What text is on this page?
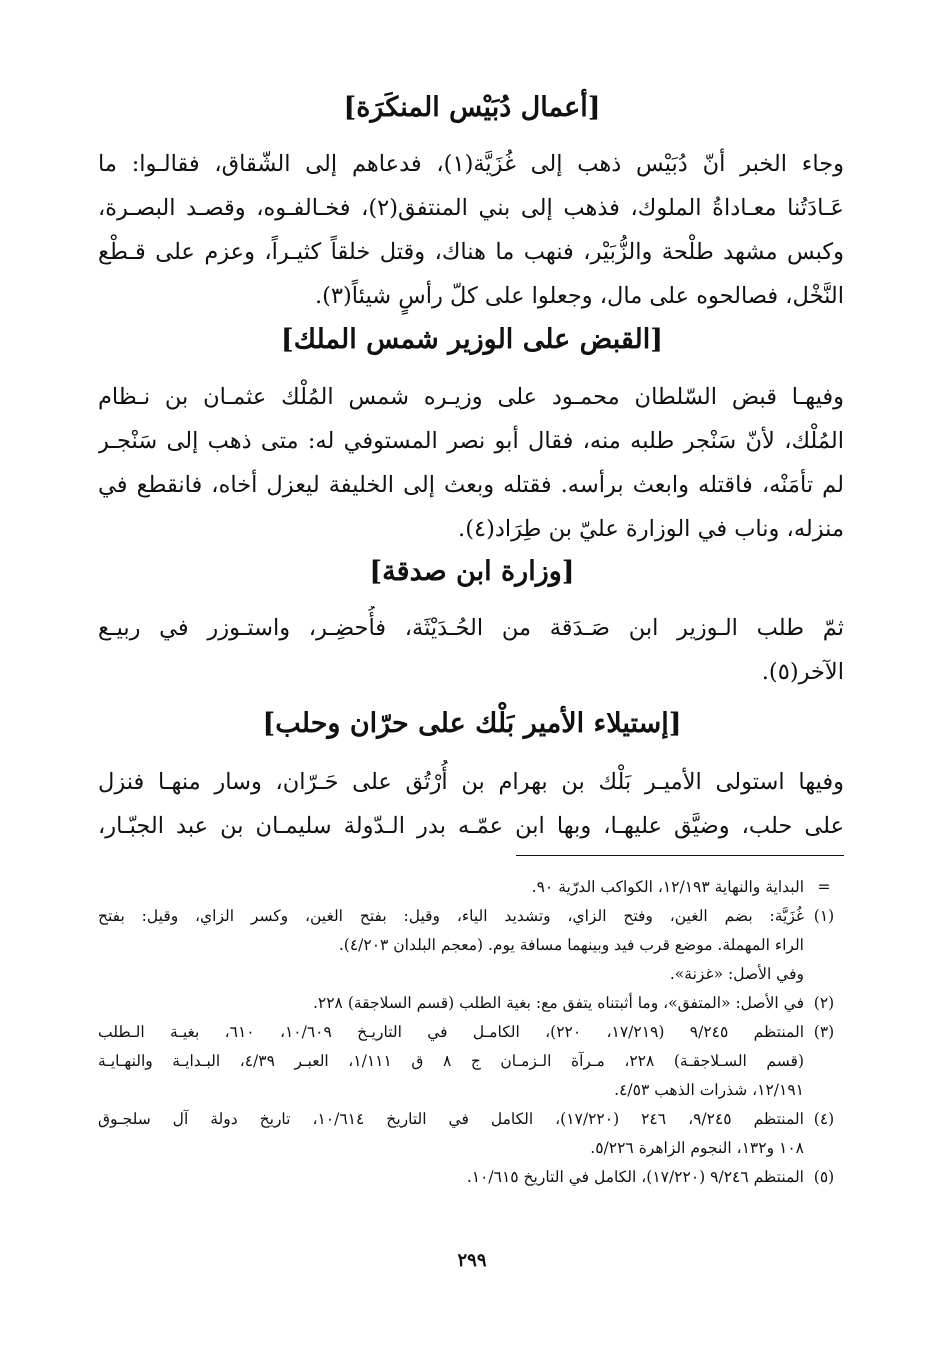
[أعمال دُبَيْس المنكَرَة]
وجاء الخبر أنّ دُبَيْس ذهب إلى غُزَيَّة(١)، فدعاهم إلى الشّقاق، فقالـوا: ما
عَـادَتُنا معـاداةُ الملوك، فذهب إلى بني المنتفق(٢)، فخـالفـوه، وقصـد البصـرة،
وكبس مشهد طلْحة والزُّبَيْر، فنهب ما هناك، وقتل خلقاً كثيـراً، وعزم على قـطْع
النَّخْل، فصالحوه على مال، وجعلوا على كلّ رأسٍ شيئاً(٣).
[القبض على الوزير شمس الملك]
وفيهـا قبض السّلطان محمـود على وزيـره شمس المُلْك عثمـان بن نـظام
المُلْك، لأنّ سَنْجر طلبه منه، فقال أبو نصر المستوفي له: متى ذهب إلى سَنْجـر
لم تأمَنْه، فاقتله وابعث برأسه. فقتله وبعث إلى الخليفة ليعزل أخاه، فانقطع في
منزله، وناب في الوزارة عليّ بن طِرَاد(٤).
[وزارة ابن صدقة]
ثمّ طلب الـوزير ابن صَـدَقة من الحُـدَيْثَة، فأُحضِـر، واستـوزر في ربيـع
الآخر(٥).
[إستيلاء الأمير بَلْك على حرّان وحلب]
وفيها استولى الأميـر بَلْك بن بهرام بن أُرْتُق على حَـرّان، وسار منهـا فنزل
على حلب، وضيَّق عليهـا، وبها ابن عمّـه بدر الـدّولة سليمـان بن عبد الجبّـار،
=
البداية والنهاية ١٢/١٩٣، الكواكب الدرّية ٩٠.
(١)
غُزَيَّة: بضم الغين، وفتح الزاي، وتشديد الياء، وقيل: بفتح الغين، وكسر الزاي، وقيل: بفتح
الراء المهملة. موضع قرب فيد وبينهما مسافة يوم. (معجم البلدان ٤/٢٠٣).
وفي الأصل: «غزنة».
(٢)
في الأصل: «المتفق»، وما أثبتناه يتفق مع: بغية الطلب (قسم السلاجقة) ٢٢٨.
(٣)
المنتظم ٩/٢٤٥ (١٧/٢١٩، ٢٢٠)، الكامـل في التاريـخ ١٠/٦٠٩، ٦١٠، بغيـة الـطلب
(قسم السـلاجقـة) ٢٢٨، مـرآة الـزمـان ج ٨ ق ١/١١١، العبـر ٤/٣٩، البـدايـة والنهـايـة
١٢/١٩١، شذرات الذهب ٤/٥٣.
(٤)
المنتظم ٩/٢٤٥، ٢٤٦ (١٧/٢٢٠)، الكامل في التاريخ ١٠/٦١٤، تاريخ دولة آل سلجـوق
١٠٨ و١٣٢، النجوم الزاهرة ٥/٢٢٦.
(٥)
المنتظم ٩/٢٤٦ (١٧/٢٢٠)، الكامل في التاريخ ١٠/٦١٥.
٢٩٩
